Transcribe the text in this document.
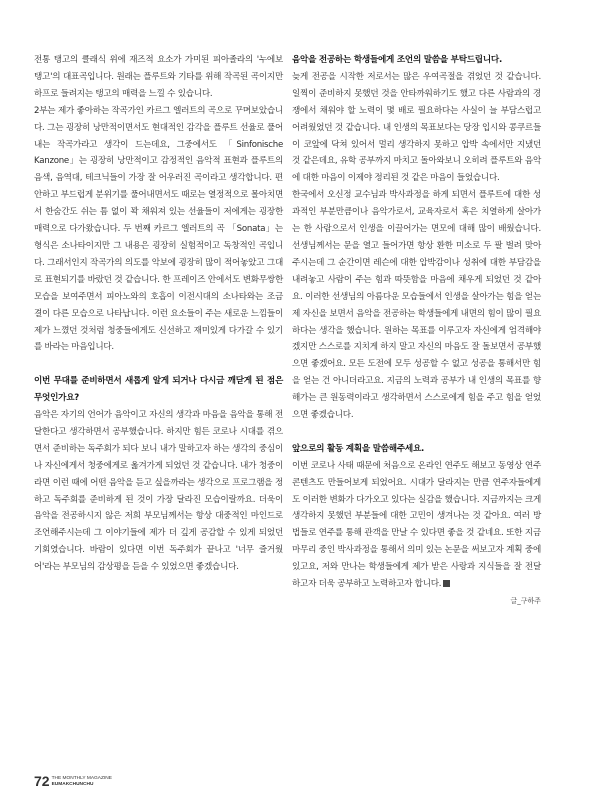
전통 탱고의 클래식 위에 재즈적 요소가 가미된 피아졸라의 '누에보 탱고'의 대표곡입니다. 원래는 플루트와 기타를 위해 작곡된 곡이지만 하프로 들려지는 탱고의 매력을 느낄 수 있습니다.

2부는 제가 좋아하는 작곡가인 카르그 엘러트의 곡으로 꾸며보았습니다. 그는 굉장히 낭만적이면서도 현대적인 감각을 플루트 선율로 풀어내는 작곡가라고 생각이 드는데요, 그중에서도 「Sinfonische Kanzone」는 굉장히 낭만적이고 감정적인 음악적 표현과 플루트의 음색, 음역대, 테크닉들이 가장 잘 어우러진 곡이라고 생각합니다. 편안하고 부드럽게 분위기를 풀어내면서도 때로는 열정적으로 몰아치면서 한숨간도 쉬는 틈 없이 꽉 채워져 있는 선율들이 저에게는 굉장한 매력으로 다가왔습니다. 두 번째 카르그 엘러트의 곡 「Sonata」는 형식은 소나타이지만 그 내용은 굉장히 실험적이고 독창적인 곡입니다. 그래서인지 작곡가의 의도를 악보에 굉장히 많이 적어놓았고 그대로 표현되기를 바랐던 것 같습니다. 한 프레이즈 안에서도 변화무쌍한 모습을 보여주면서 피아노와의 호흡이 이전시대의 소나타와는 조금 결이 다른 모습으로 나타납니다. 이런 요소들이 주는 새로운 느낌들이 제가 느꼈던 것처럼 청중들에게도 신선하고 재미있게 다가갈 수 있기를 바라는 마음입니다.

이번 무대를 준비하면서 새롭게 알게 되거나 다시금 깨닫게 된 점은 무엇인가요?

음악은 자기의 언어가 음악이고 자신의 생각과 마음을 음악을 통해 전달한다고 생각하면서 공부했습니다. 하지만 힘든 코로나 시대를 겪으면서 준비하는 독주회가 되다 보니 내가 말하고자 하는 생각의 중심이 나 자신에게서 청중에게로 옮겨가게 되었던 것 같습니다. 내가 청중이라면 이런 때에 어떤 음악을 듣고 싶을까라는 생각으로 프로그램을 정하고 독주회를 준비하게 된 것이 가장 달라진 모습이랄까요. 더욱이 음악을 전공하시지 않은 저희 부모님께서는 항상 대중적인 마인드로 조언해주시는데 그 이야기들에 제가 더 깊게 공감할 수 있게 되었던 기회였습니다. 바람이 있다면 이번 독주회가 끝나고 '너무 즐거웠어'라는 부모님의 감상평을 듣을 수 있었으면 좋겠습니다.

음악을 전공하는 학생들에게 조언의 말씀을 부탁드립니다.

늦게 전공을 시작한 저로서는 많은 우여곡절을 겪었던 것 같습니다. 일찍이 준비하지 못했던 것을 안타까워하기도 했고 다른 사람과의 경쟁에서 채워야 할 노력이 몇 배로 필요하다는 사실이 늘 부담스럽고 어려웠었던 것 같습니다. 내 인생의 목표보다는 당장 입시와 콩쿠르들이 코앞에 닥쳐 있어서 멀리 생각하지 못하고 압박 속에서만 지냈던 것 같은데요, 유학 공부까지 마치고 돌아와보니 오히려 플루트와 음악에 대한 마음이 이제야 정리된 것 같은 마음이 들었습니다.

한국에서 오신정 교수님과 박사과정을 하게 되면서 플루트에 대한 성과적인 부분만큼이나 음악가로서, 교육자로서 혹은 치열하게 살아가는 한 사람으로서 인생을 이끌어가는 면모에 대해 많이 배웠습니다. 선생님께서는 문을 열고 들어가면 항상 환한 미소로 두 팔 벌려 맞아주시는데 그 순간이면 레슨에 대한 압박감이나 성취에 대한 부담감을 내려놓고 사람이 주는 힘과 따뜻함을 마음에 채우게 되었던 것 같아요. 이러한 선생님의 아름다운 모습들에서 인생을 살아가는 힘을 얻는 제 자신을 보면서 음악을 전공하는 학생들에게 내면의 힘이 많이 필요하다는 생각을 했습니다. 원하는 목표를 이루고자 자신에게 엄격해야겠지만 스스로를 지치게 하지 말고 자신의 마음도 잘 돌보면서 공부했으면 좋겠어요. 모든 도전에 모두 성공할 수 없고 성공을 통해서만 힘을 얻는 건 아니더라고요. 지금의 노력과 공부가 내 인생의 목표를 향해가는 큰 원동력이라고 생각하면서 스스로에게 힘을 주고 힘을 얻었으면 좋겠습니다.

앞으로의 활동 계획을 말씀해주세요.

이번 코로나 사태 때문에 처음으로 온라인 연주도 해보고 동영상 연주 콘텐츠도 만들어보게 되었어요. 시대가 달라지는 만큼 연주자들에게도 이러한 변화가 다가오고 있다는 실감을 했습니다. 지금까지는 크게 생각하지 못했던 부분들에 대한 고민이 생겨나는 것 같아요. 여러 방법들로 연주를 통해 관객을 만날 수 있다면 좋을 것 같네요. 또한 지금 마무리 중인 박사과정을 통해서 의미 있는 논문을 써보고자 계획 중에 있고요, 저와 만나는 학생들에게 제가 받은 사랑과 지식들을 잘 전달하고자 더욱 공부하고 노력하고자 합니다.

글_구하주
72 THE MONTHLY MAGAZINE
EUMAKCHUNCHU
